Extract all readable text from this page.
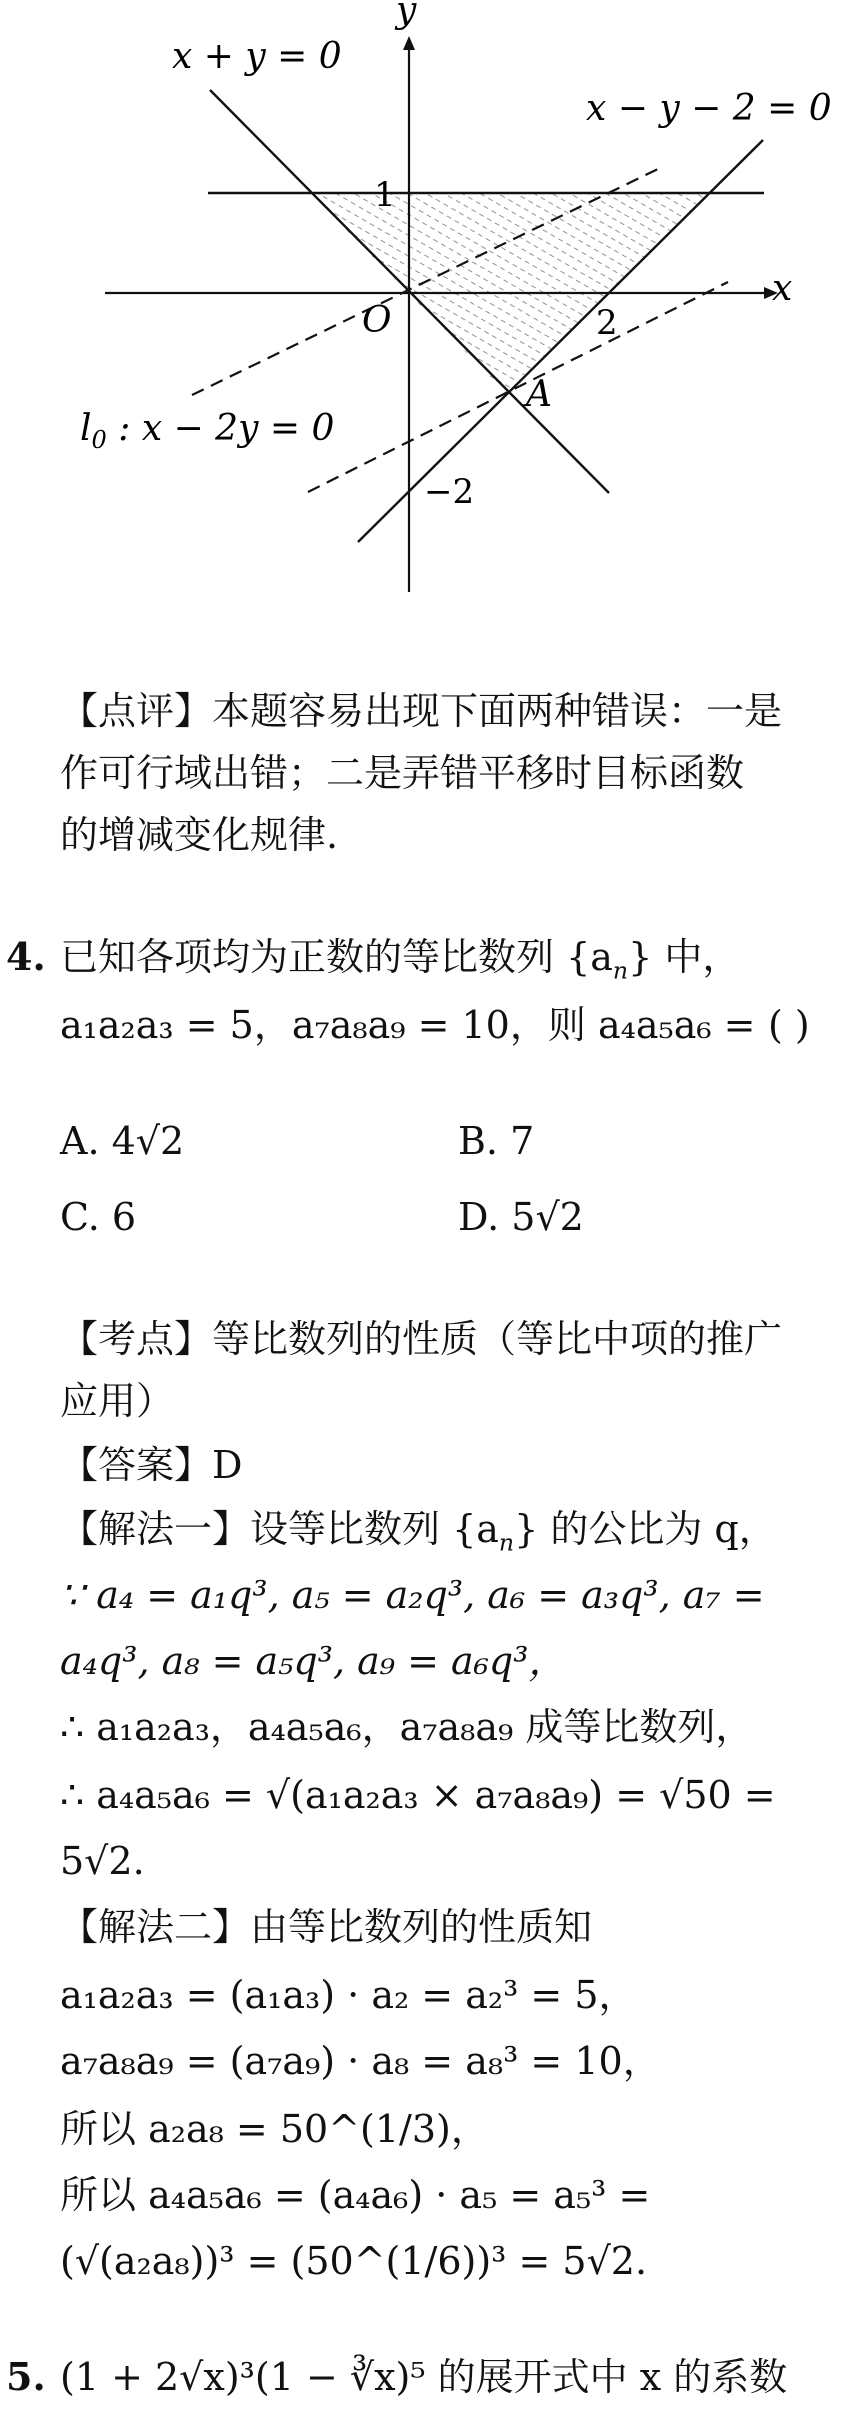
y
x
x + y = 0
x − y − 2 = 0
$l_0$ : x − 2y = 0
O
1
2
−2
A
【点评】本题容易出现下面两种错误：一是
作可行域出错；二是弄错平移时目标函数
的增减变化规律.
4. 已知各项均为正数的等比数列 $\{a_n\}$ 中，
a₁a₂a₃ = 5，a₇a₈a₉ = 10，则 a₄a₅a₆ = ( )
A. 4√2	B. 7
C. 6	D. 5√2
【考点】等比数列的性质（等比中项的推广
应用）
【答案】D
【解法一】设等比数列 $\{a_n\}$ 的公比为 q，
∵ a₄ = a₁q³, a₅ = a₂q³, a₆ = a₃q³, a₇ =
a₄q³, a₈ = a₅q³, a₉ = a₆q³，
∴ a₁a₂a₃，a₄a₅a₆，a₇a₈a₉ 成等比数列，
∴ a₄a₅a₆ = √(a₁a₂a₃ × a₇a₈a₉) = √50 =
5√2.
【解法二】由等比数列的性质知
a₁a₂a₃ = (a₁a₃) · a₂ = a₂³ = 5，
a₇a₈a₉ = (a₇a₉) · a₈ = a₈³ = 10，
所以 a₂a₈ = 50^(1/3)，
所以 a₄a₅a₆ = (a₄a₆) · a₅ = a₅³ =
(√(a₂a₈))³ = (50^(1/6))³ = 5√2.
5. (1 + 2√x)³(1 − ∛x)⁵ 的展开式中 x 的系数
